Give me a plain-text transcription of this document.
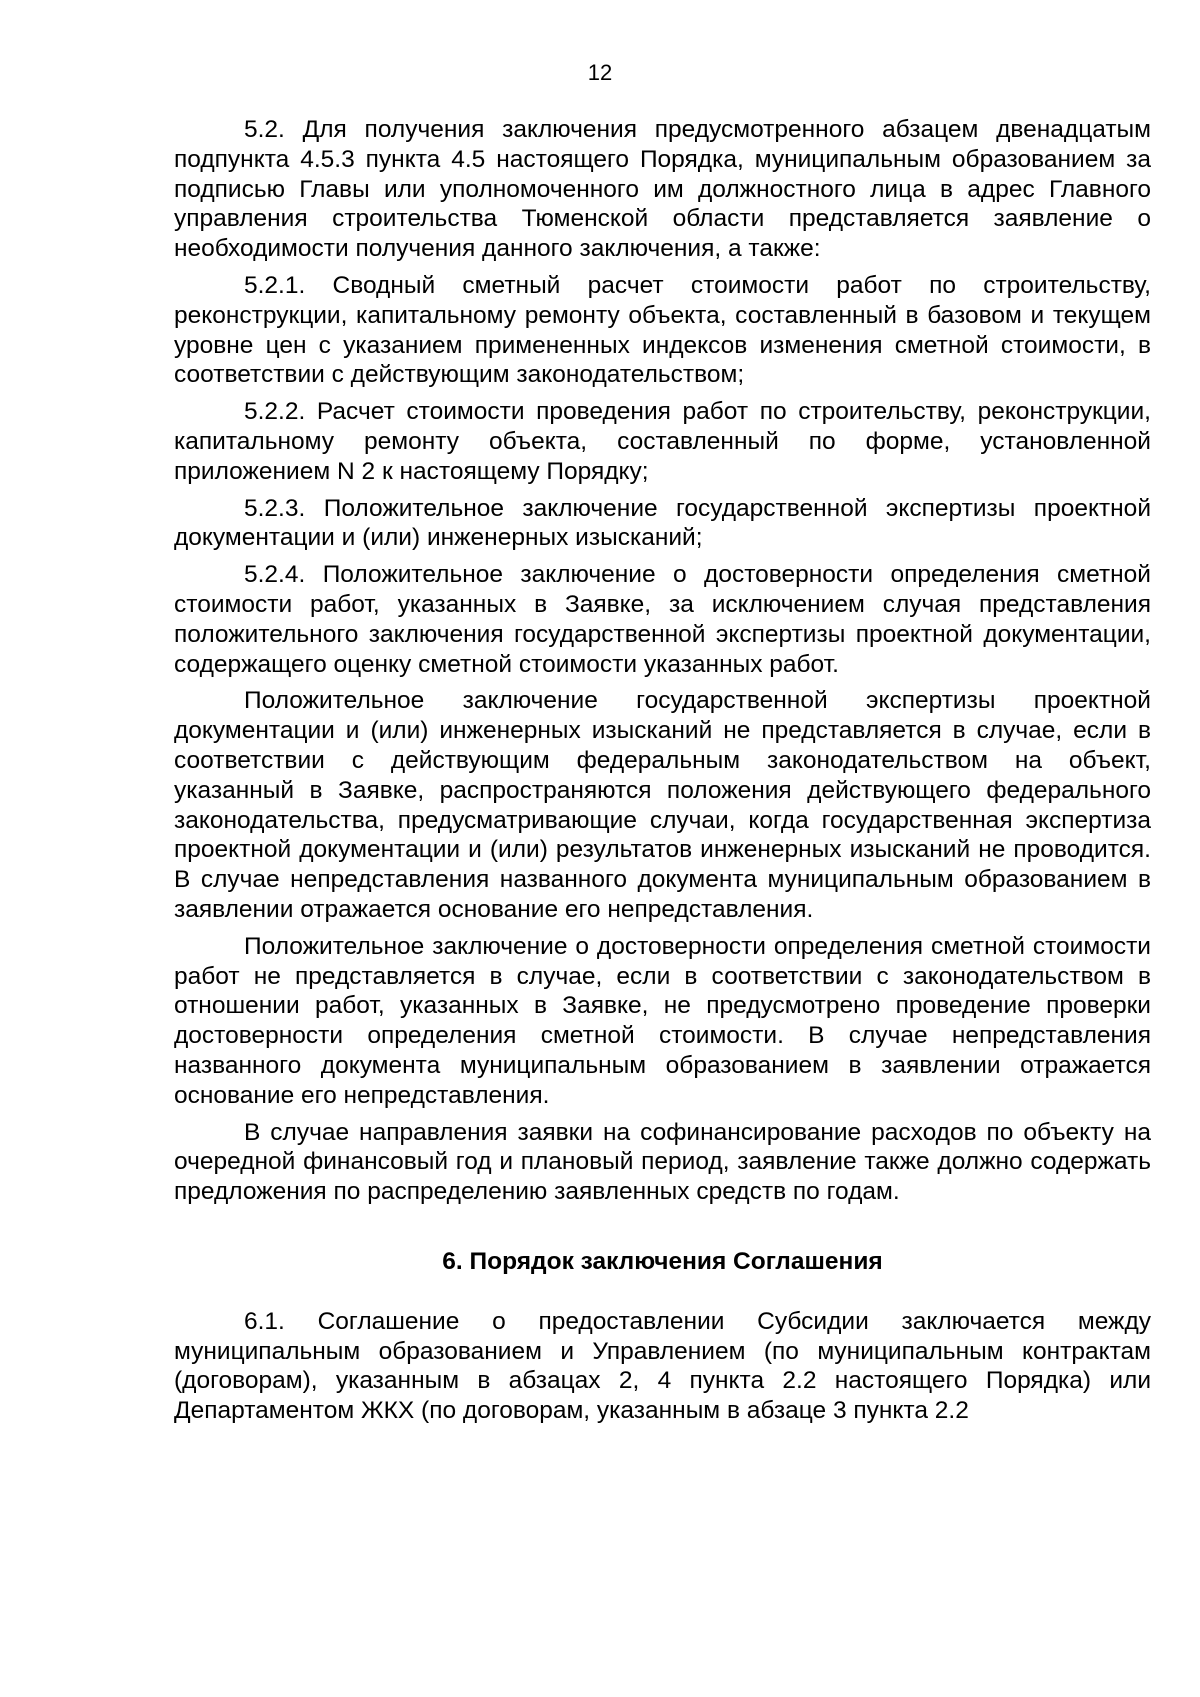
12

5.2. Для получения заключения предусмотренного абзацем двенадцатым подпункта 4.5.3 пункта 4.5 настоящего Порядка, муниципальным образованием за подписью Главы или уполномоченного им должностного лица в адрес Главного управления строительства Тюменской области представляется заявление о необходимости получения данного заключения, а также:

5.2.1. Сводный сметный расчет стоимости работ по строительству, реконструкции, капитальному ремонту объекта, составленный в базовом и текущем уровне цен с указанием примененных индексов изменения сметной стоимости, в соответствии с действующим законодательством;

5.2.2. Расчет стоимости проведения работ по строительству, реконструкции, капитальному ремонту объекта, составленный по форме, установленной приложением N 2 к настоящему Порядку;

5.2.3. Положительное заключение государственной экспертизы проектной документации и (или) инженерных изысканий;

5.2.4. Положительное заключение о достоверности определения сметной стоимости работ, указанных в Заявке, за исключением случая представления положительного заключения государственной экспертизы проектной документации, содержащего оценку сметной стоимости указанных работ.

Положительное заключение государственной экспертизы проектной документации и (или) инженерных изысканий не представляется в случае, если в соответствии с действующим федеральным законодательством на объект, указанный в Заявке, распространяются положения действующего федерального законодательства, предусматривающие случаи, когда государственная экспертиза проектной документации и (или) результатов инженерных изысканий не проводится. В случае непредставления названного документа муниципальным образованием в заявлении отражается основание его непредставления.

Положительное заключение о достоверности определения сметной стоимости работ не представляется в случае, если в соответствии с законодательством в отношении работ, указанных в Заявке, не предусмотрено проведение проверки достоверности определения сметной стоимости. В случае непредставления названного документа муниципальным образованием в заявлении отражается основание его непредставления.

В случае направления заявки на софинансирование расходов по объекту на очередной финансовый год и плановый период, заявление также должно содержать предложения по распределению заявленных средств по годам.

6. Порядок заключения Соглашения

6.1. Соглашение о предоставлении Субсидии заключается между муниципальным образованием и Управлением (по муниципальным контрактам (договорам), указанным в абзацах 2, 4 пункта 2.2 настоящего Порядка) или Департаментом ЖКХ (по договорам, указанным в абзаце 3 пункта 2.2
